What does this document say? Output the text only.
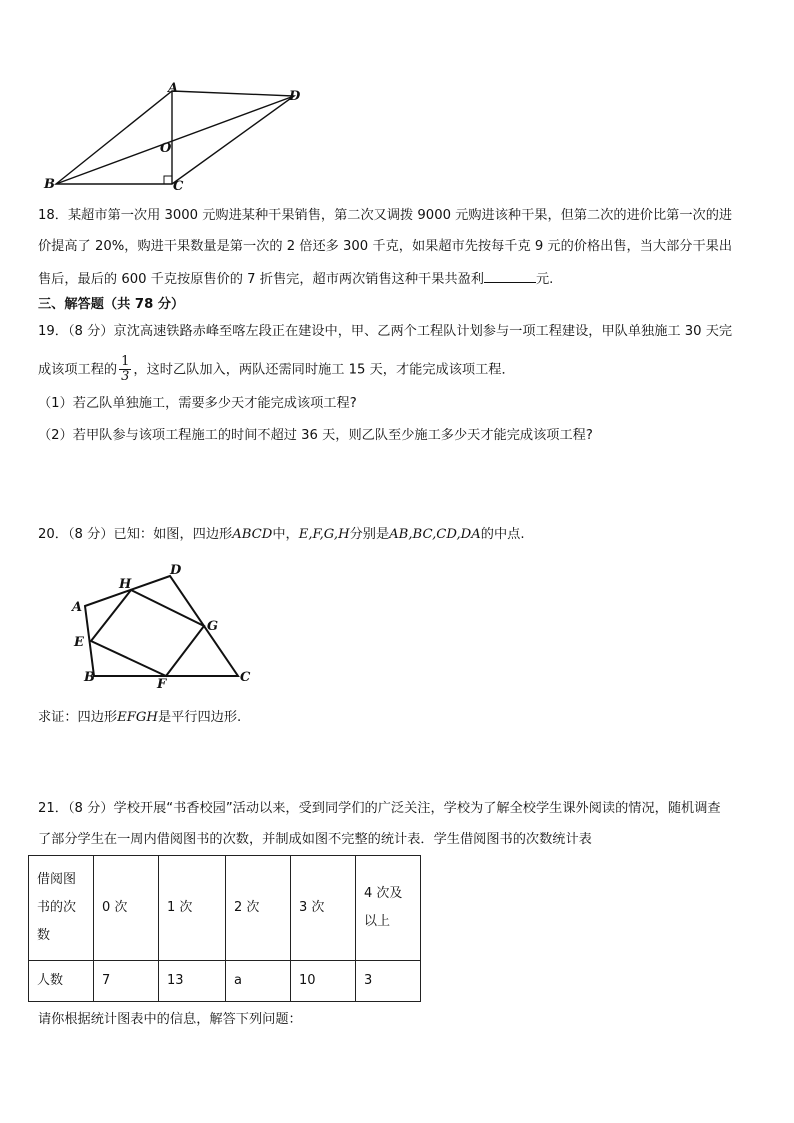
A
D
O
B	C
18．某超市第一次用 3000 元购进某种干果销售，第二次又调拨 9000 元购进该种干果，但第二次的进价比第一次的进
价提高了 20%，购进干果数量是第一次的 2 倍还多 300 千克，如果超市先按每千克 9 元的价格出售，当大部分干果出
售后，最后的 600 千克按原售价的 7 折售完，超市两次销售这种干果共盈利	元.
三、解答题（共 78 分）
19．（8 分）京沈高速铁路赤峰至喀左段正在建设中，甲、乙两个工程队计划参与一项工程建设，甲队单独施工 30 天完
成该项工程的 $\frac{1}{3}$ ，这时乙队加入，两队还需同时施工 15 天，才能完成该项工程．
（1）若乙队单独施工，需要多少天才能完成该项工程?
（2）若甲队参与该项工程施工的时间不超过 36 天，则乙队至少施工多少天才能完成该项工程?
20．（8 分）已知：如图，四边形ABCD中，E,F,G,H分别是AB,BC,CD,DA的中点.
H
D
A
G
E
B	F	C
求证：四边形EFGH是平行四边形.
21．（8 分）学校开展“书香校园”活动以来，受到同学们的广泛关注，学校为了解全校学生课外阅读的情况，随机调查
了部分学生在一周内借阅图书的次数，并制成如图不完整的统计表．学生借阅图书的次数统计表
借阅图书的次数	0 次	1 次	2 次	3 次	4 次及以上
人数	7	13	a	10	3
请你根据统计图表中的信息，解答下列问题：
